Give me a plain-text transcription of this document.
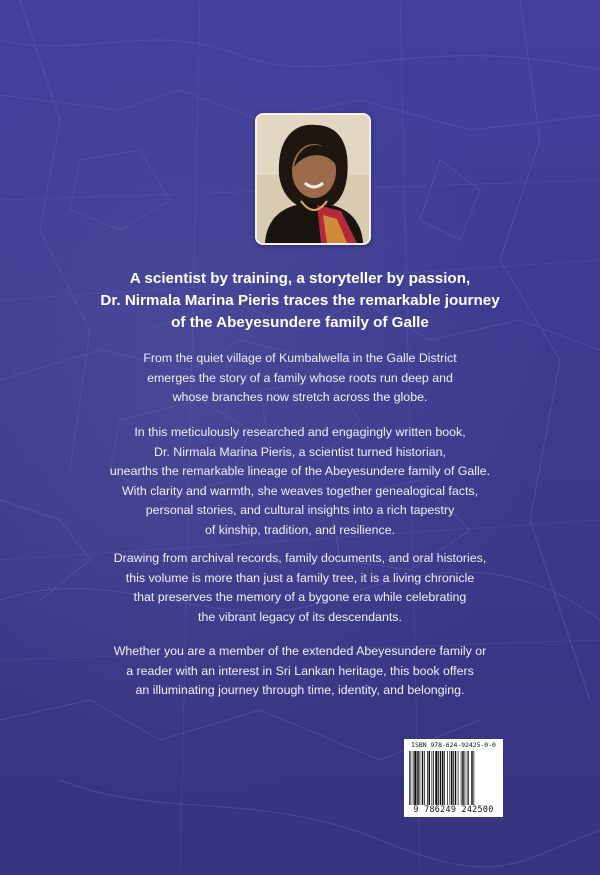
A scientist by training, a storyteller by passion,
Dr. Nirmala Marina Pieris traces the remarkable journey
of the Abeyesundere family of Galle
From the quiet village of Kumbalwella in the Galle District
emerges the story of a family whose roots run deep and
whose branches now stretch across the globe.
In this meticulously researched and engagingly written book,
Dr. Nirmala Marina Pieris, a scientist turned historian,
unearths the remarkable lineage of the Abeyesundere family of Galle.
With clarity and warmth, she weaves together genealogical facts,
personal stories, and cultural insights into a rich tapestry
of kinship, tradition, and resilience.
Drawing from archival records, family documents, and oral histories,
this volume is more than just a family tree, it is a living chronicle
that preserves the memory of a bygone era while celebrating
the vibrant legacy of its descendants.
Whether you are a member of the extended Abeyesundere family or
a reader with an interest in Sri Lankan heritage, this book offers
an illuminating journey through time, identity, and belonging.
ISBN 978-624-92425-0-0
9 786249 242500
